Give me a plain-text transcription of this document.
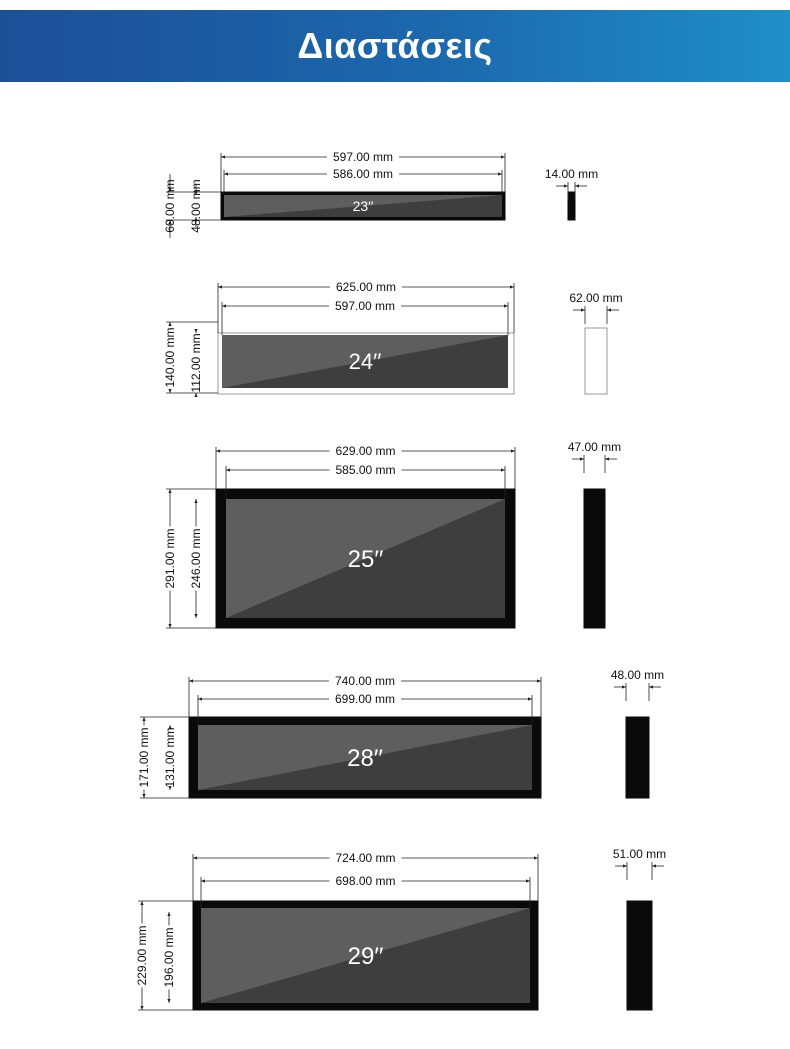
Διαστάσεις
23′′
597.00 mm
586.00 mm
60.00 mm 48.00 mm
14.00 mm
24′′
625.00 mm
597.00 mm
140.00 mm 112.00 mm
62.00 mm
25′′
629.00 mm
585.00 mm
291.00 mm 246.00 mm
47.00 mm
28′′
740.00 mm
699.00 mm
171.00 mm 131.00 mm
48.00 mm
29′′
724.00 mm
698.00 mm
229.00 mm 196.00 mm
51.00 mm
